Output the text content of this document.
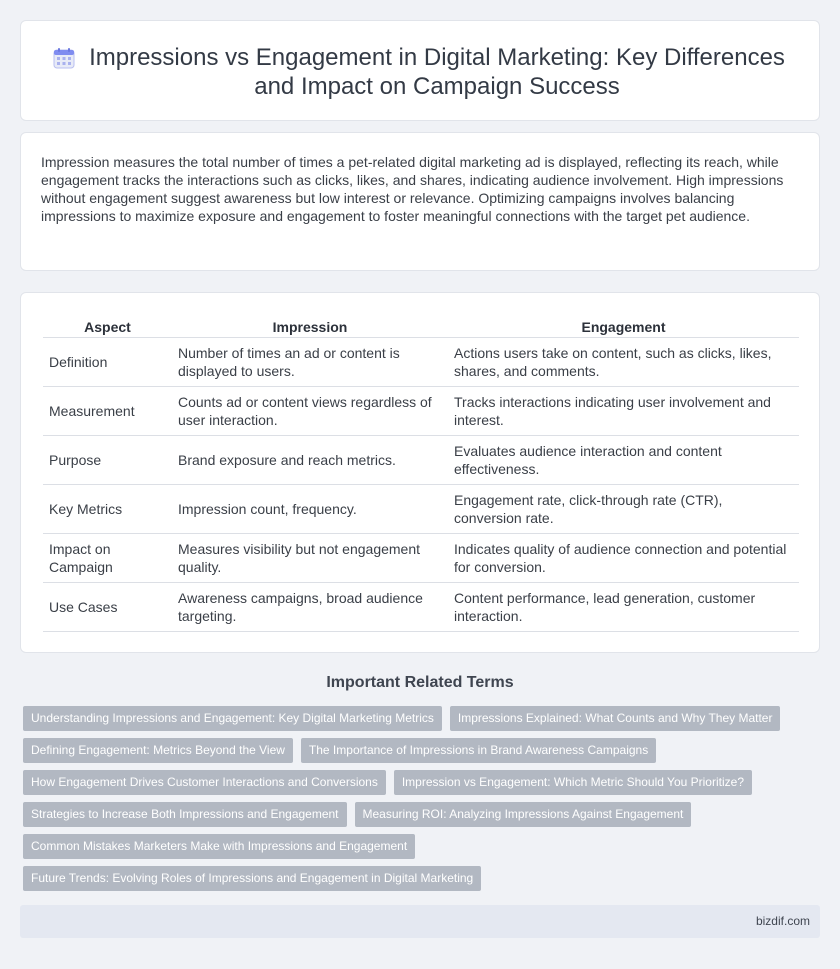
Impressions vs Engagement in Digital Marketing: Key Differences and Impact on Campaign Success

Impression measures the total number of times a pet-related digital marketing ad is displayed, reflecting its reach, while engagement tracks the interactions such as clicks, likes, and shares, indicating audience involvement. High impressions without engagement suggest awareness but low interest or relevance. Optimizing campaigns involves balancing impressions to maximize exposure and engagement to foster meaningful connections with the target pet audience.

Aspect	Impression	Engagement
Definition	Number of times an ad or content is displayed to users.	Actions users take on content, such as clicks, likes, shares, and comments.
Measurement	Counts ad or content views regardless of user interaction.	Tracks interactions indicating user involvement and interest.
Purpose	Brand exposure and reach metrics.	Evaluates audience interaction and content effectiveness.
Key Metrics	Impression count, frequency.	Engagement rate, click-through rate (CTR), conversion rate.
Impact on Campaign	Measures visibility but not engagement quality.	Indicates quality of audience connection and potential for conversion.
Use Cases	Awareness campaigns, broad audience targeting.	Content performance, lead generation, customer interaction.
Important Related Terms
Understanding Impressions and Engagement: Key Digital Marketing Metrics	Impressions Explained: What Counts and Why They Matter
Defining Engagement: Metrics Beyond the View	The Importance of Impressions in Brand Awareness Campaigns
How Engagement Drives Customer Interactions and Conversions	Impression vs Engagement: Which Metric Should You Prioritize?
Strategies to Increase Both Impressions and Engagement	Measuring ROI: Analyzing Impressions Against Engagement
Common Mistakes Marketers Make with Impressions and Engagement
Future Trends: Evolving Roles of Impressions and Engagement in Digital Marketing
bizdif.com
